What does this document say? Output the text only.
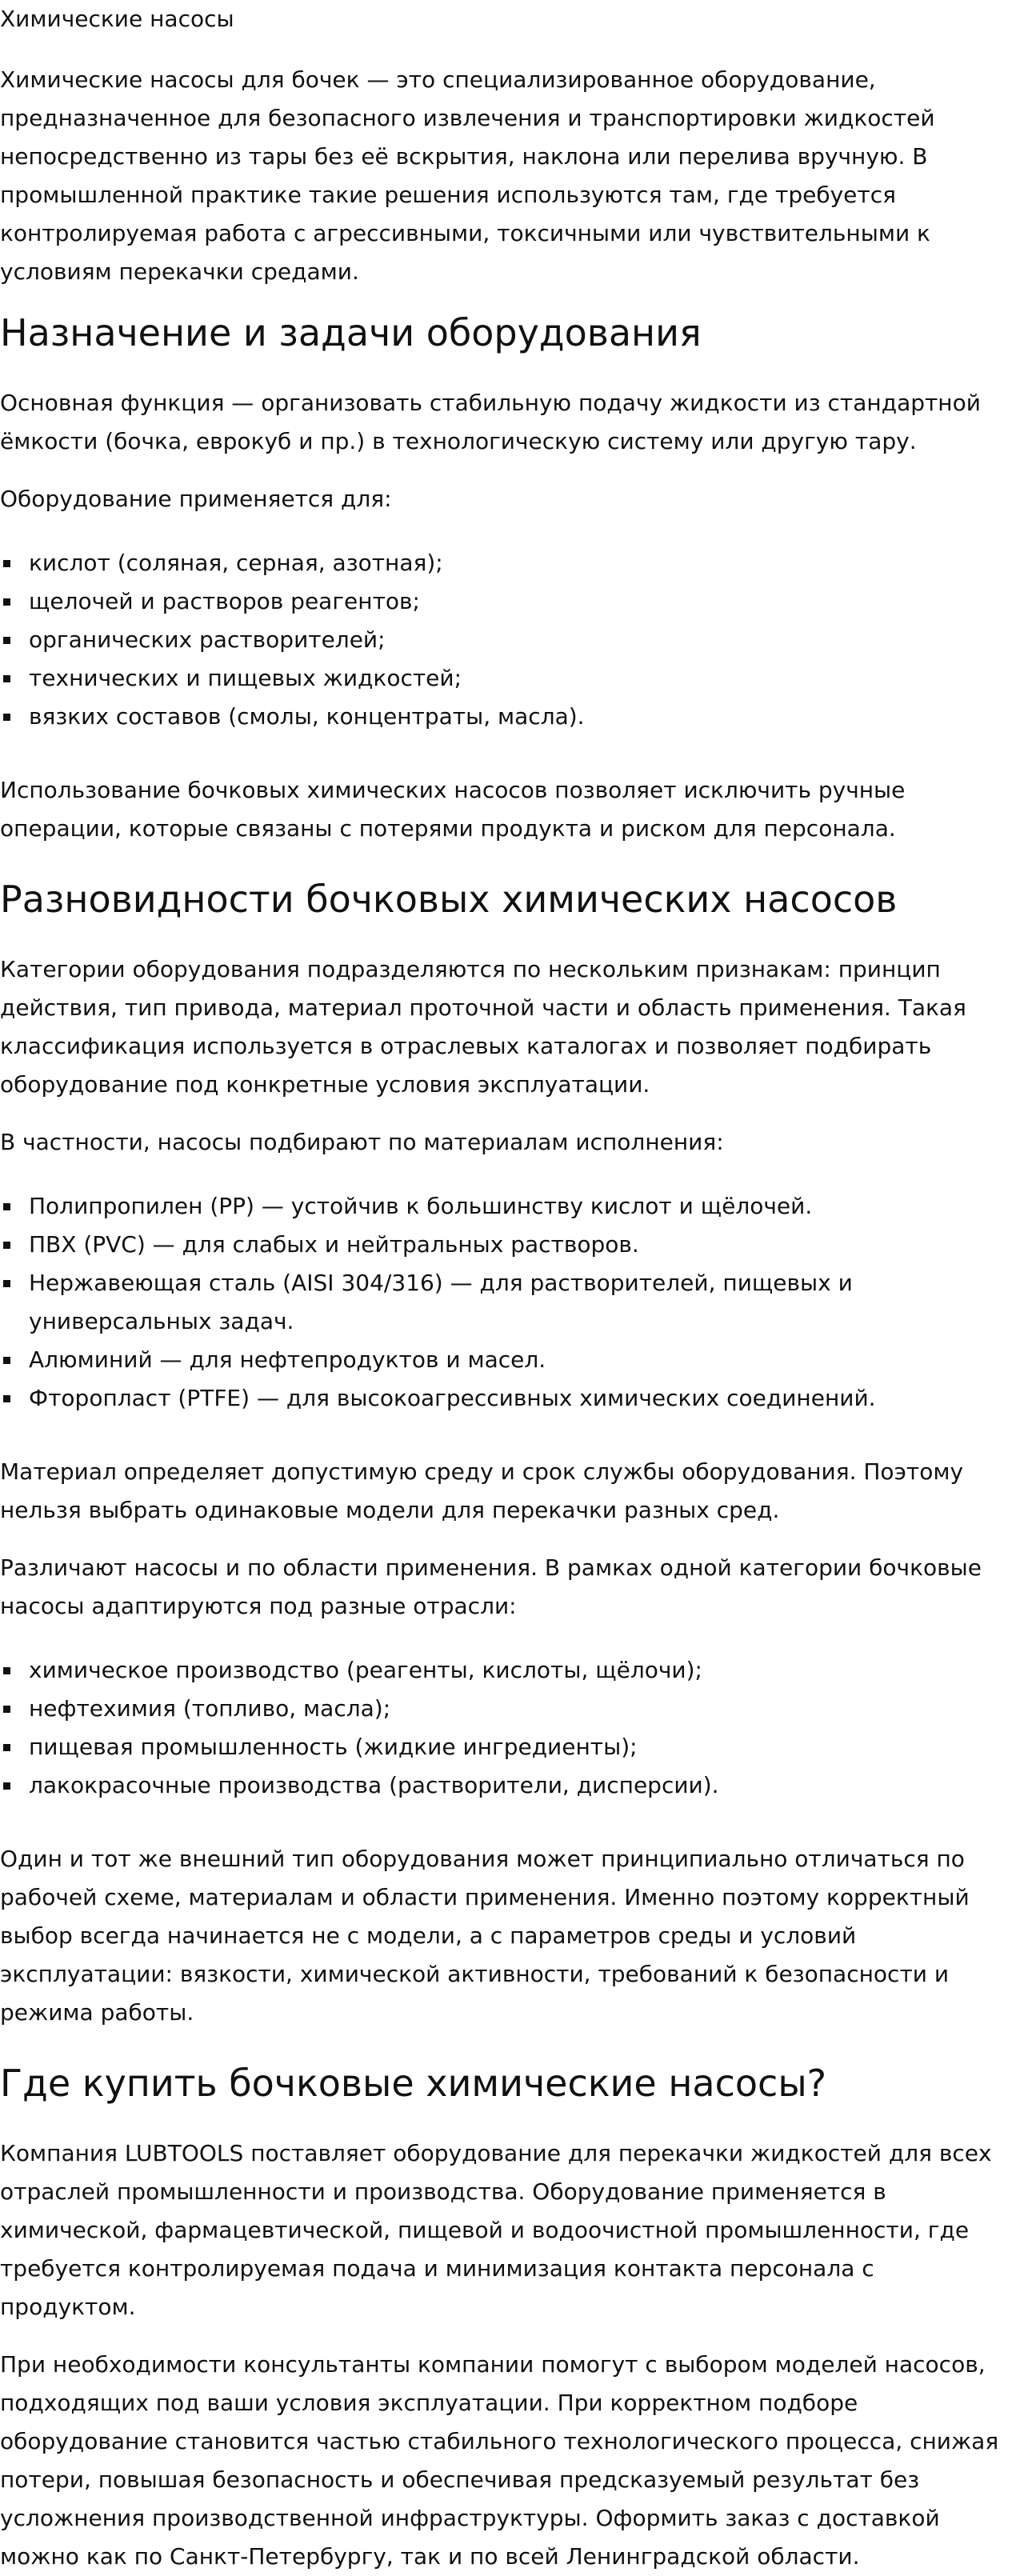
Химические насосы

Химические насосы для бочек — это специализированное оборудование, предназначенное для безопасного извлечения и транспортировки жидкостей непосредственно из тары без её вскрытия, наклона или перелива вручную. В промышленной практике такие решения используются там, где требуется контролируемая работа с агрессивными, токсичными или чувствительными к условиям перекачки средами.

Назначение и задачи оборудования

Основная функция — организовать стабильную подачу жидкости из стандартной ёмкости (бочка, еврокуб и пр.) в технологическую систему или другую тару.

Оборудование применяется для:

кислот (соляная, серная, азотная);
щелочей и растворов реагентов;
органических растворителей;
технических и пищевых жидкостей;
вязких составов (смолы, концентраты, масла).

Использование бочковых химических насосов позволяет исключить ручные операции, которые связаны с потерями продукта и риском для персонала.

Разновидности бочковых химических насосов

Категории оборудования подразделяются по нескольким признакам: принцип действия, тип привода, материал проточной части и область применения. Такая классификация используется в отраслевых каталогах и позволяет подбирать оборудование под конкретные условия эксплуатации.

В частности, насосы подбирают по материалам исполнения:

Полипропилен (PP) — устойчив к большинству кислот и щёлочей.
ПВХ (PVC) — для слабых и нейтральных растворов.
Нержавеющая сталь (AISI 304/316) — для растворителей, пищевых и универсальных задач.
Алюминий — для нефтепродуктов и масел.
Фторопласт (PTFE) — для высокоагрессивных химических соединений.

Материал определяет допустимую среду и срок службы оборудования. Поэтому нельзя выбрать одинаковые модели для перекачки разных сред.

Различают насосы и по области применения. В рамках одной категории бочковые насосы адаптируются под разные отрасли:

химическое производство (реагенты, кислоты, щёлочи);
нефтехимия (топливо, масла);
пищевая промышленность (жидкие ингредиенты);
лакокрасочные производства (растворители, дисперсии).

Один и тот же внешний тип оборудования может принципиально отличаться по рабочей схеме, материалам и области применения. Именно поэтому корректный выбор всегда начинается не с модели, а с параметров среды и условий эксплуатации: вязкости, химической активности, требований к безопасности и режима работы.

Где купить бочковые химические насосы?

Компания LUBTOOLS поставляет оборудование для перекачки жидкостей для всех отраслей промышленности и производства. Оборудование применяется в химической, фармацевтической, пищевой и водоочистной промышленности, где требуется контролируемая подача и минимизация контакта персонала с продуктом.

При необходимости консультанты компании помогут с выбором моделей насосов, подходящих под ваши условия эксплуатации. При корректном подборе оборудование становится частью стабильного технологического процесса, снижая потери, повышая безопасность и обеспечивая предсказуемый результат без усложнения производственной инфраструктуры. Оформить заказ с доставкой можно как по Санкт-Петербургу, так и по всей Ленинградской области.
